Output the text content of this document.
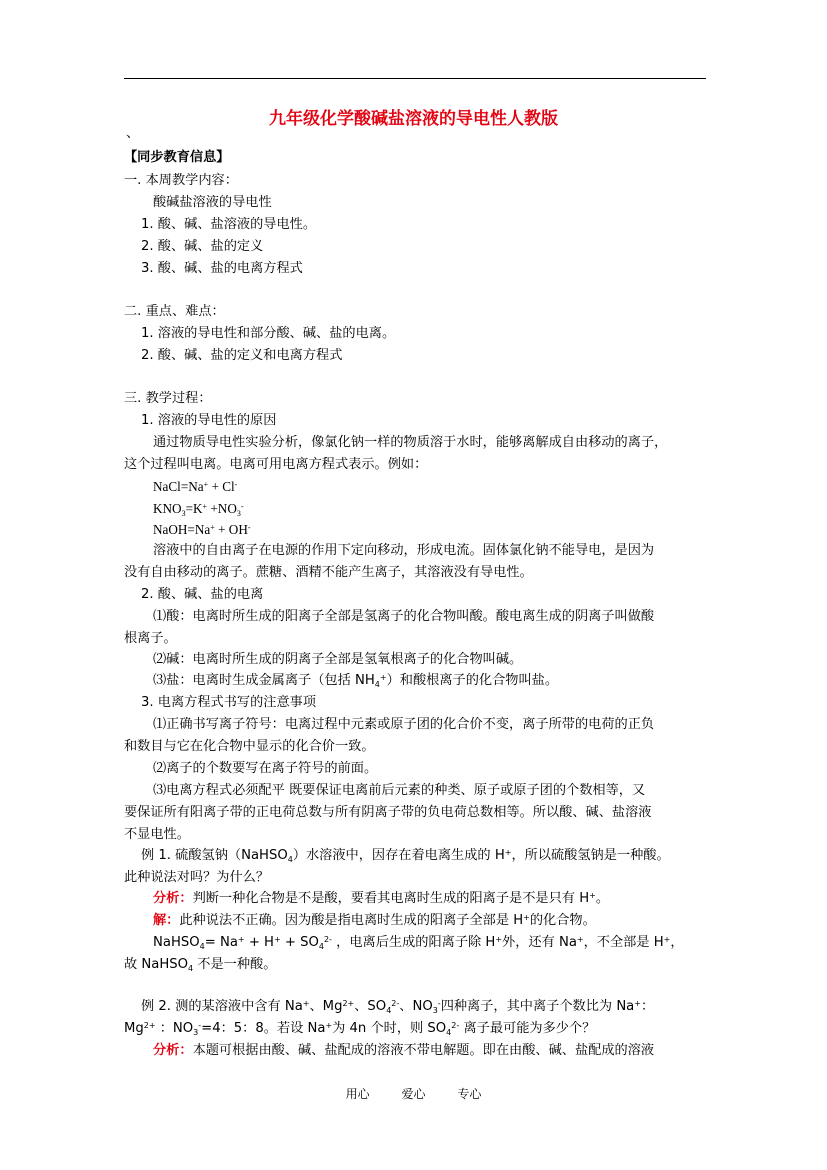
九年级化学酸碱盐溶液的导电性人教版
、
【同步教育信息】
一. 本周教学内容：
酸碱盐溶液的导电性
1. 酸、碱、盐溶液的导电性。
2. 酸、碱、盐的定义
3. 酸、碱、盐的电离方程式
二. 重点、难点：
1. 溶液的导电性和部分酸、碱、盐的电离。
2. 酸、碱、盐的定义和电离方程式
三. 教学过程：
1. 溶液的导电性的原因
通过物质导电性实验分析，像氯化钠一样的物质溶于水时，能够离解成自由移动的离子，
这个过程叫电离。电离可用电离方程式表示。例如：
NaCl=Na+ + Cl-
$KNO_3=K^+ +NO_3^-$
NaOH=Na+ + OH-
溶液中的自由离子在电源的作用下定向移动，形成电流。固体氯化钠不能导电，是因为
没有自由移动的离子。蔗糖、酒精不能产生离子，其溶液没有导电性。
2. 酸、碱、盐的电离
⑴酸：电离时所生成的阳离子全部是氢离子的化合物叫酸。酸电离生成的阴离子叫做酸
根离子。
⑵碱：电离时所生成的阴离子全部是氢氧根离子的化合物叫碱。
⑶盐：电离时生成金属离子（包括 $NH_4^+$）和酸根离子的化合物叫盐。
3. 电离方程式书写的注意事项
⑴正确书写离子符号：电离过程中元素或原子团的化合价不变，离子所带的电荷的正负
和数目与它在化合物中显示的化合价一致。
⑵离子的个数要写在离子符号的前面。
⑶电离方程式必须配平 既要保证电离前后元素的种类、原子或原子团的个数相等，又
要保证所有阳离子带的正电荷总数与所有阴离子带的负电荷总数相等。所以酸、碱、盐溶液
不显电性。
例 1. 硫酸氢钠（NaHSO$_4$）水溶液中，因存在着电离生成的 H+，所以硫酸氢钠是一种酸。
此种说法对吗？为什么？
分析：判断一种化合物是不是酸，要看其电离时生成的阳离子是不是只有 H+。
解：此种说法不正确。因为酸是指电离时生成的阳离子全部是 H+的化合物。
NaHSO$_4$= $Na^+ + H^+ + SO_4^{2-}$ ，电离后生成的阳离子除 H+外，还有 Na+，不全部是 H+，
故 NaHSO$_4$ 不是一种酸。
例 2. 测的某溶液中含有 Na+、$Mg^{2+}$、$SO_4^{2-}$、$NO_3^-$四种离子，其中离子个数比为 Na+：
$Mg^{2+}$ ：$NO_3^-=4$：5：8。若设 Na+为 4n 个时，则 $SO_4^{2-}$ 离子最可能为多少个？
分析：本题可根据由酸、碱、盐配成的溶液不带电解题。即在由酸、碱、盐配成的溶液
用心	爱心	专心
